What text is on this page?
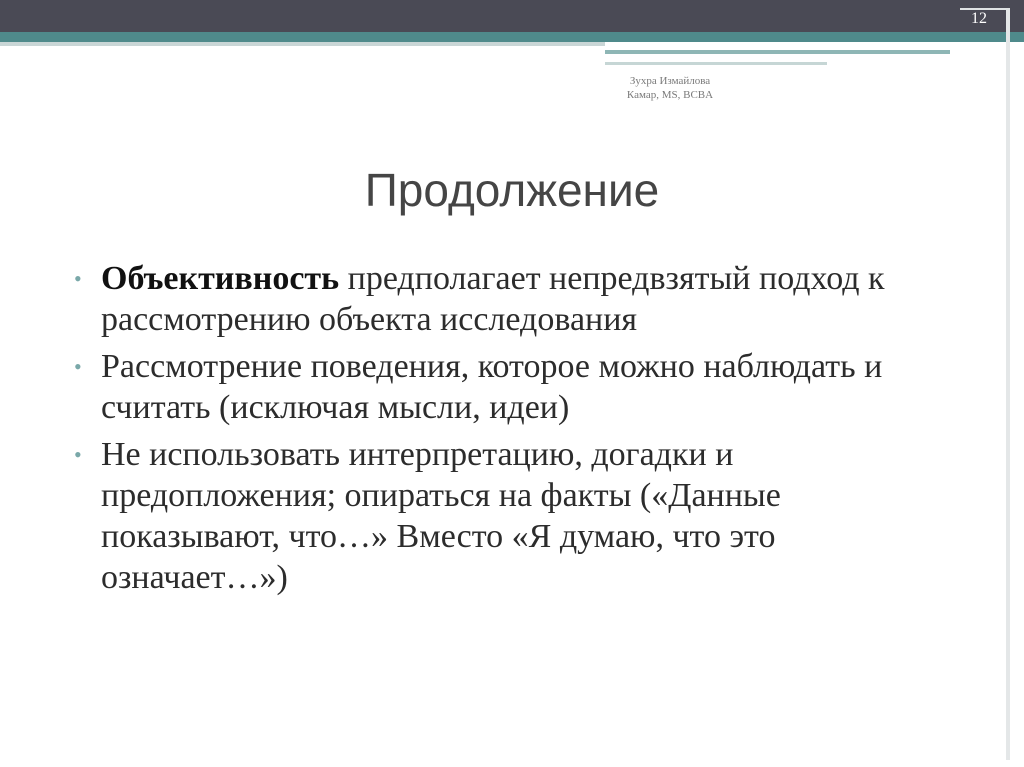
12
Зухра Измайлова
Камар, MS, BCBA
Продолжение
• Объективность предполагает непредвзятый подход к рассмотрению объекта исследования
• Рассмотрение поведения, которое можно наблюдать и считать (исключая мысли, идеи)
• Не использовать интерпретацию, догадки и предопложения; опираться на факты («Данные показывают, что…» Вместо «Я думаю, что это означает…»)
